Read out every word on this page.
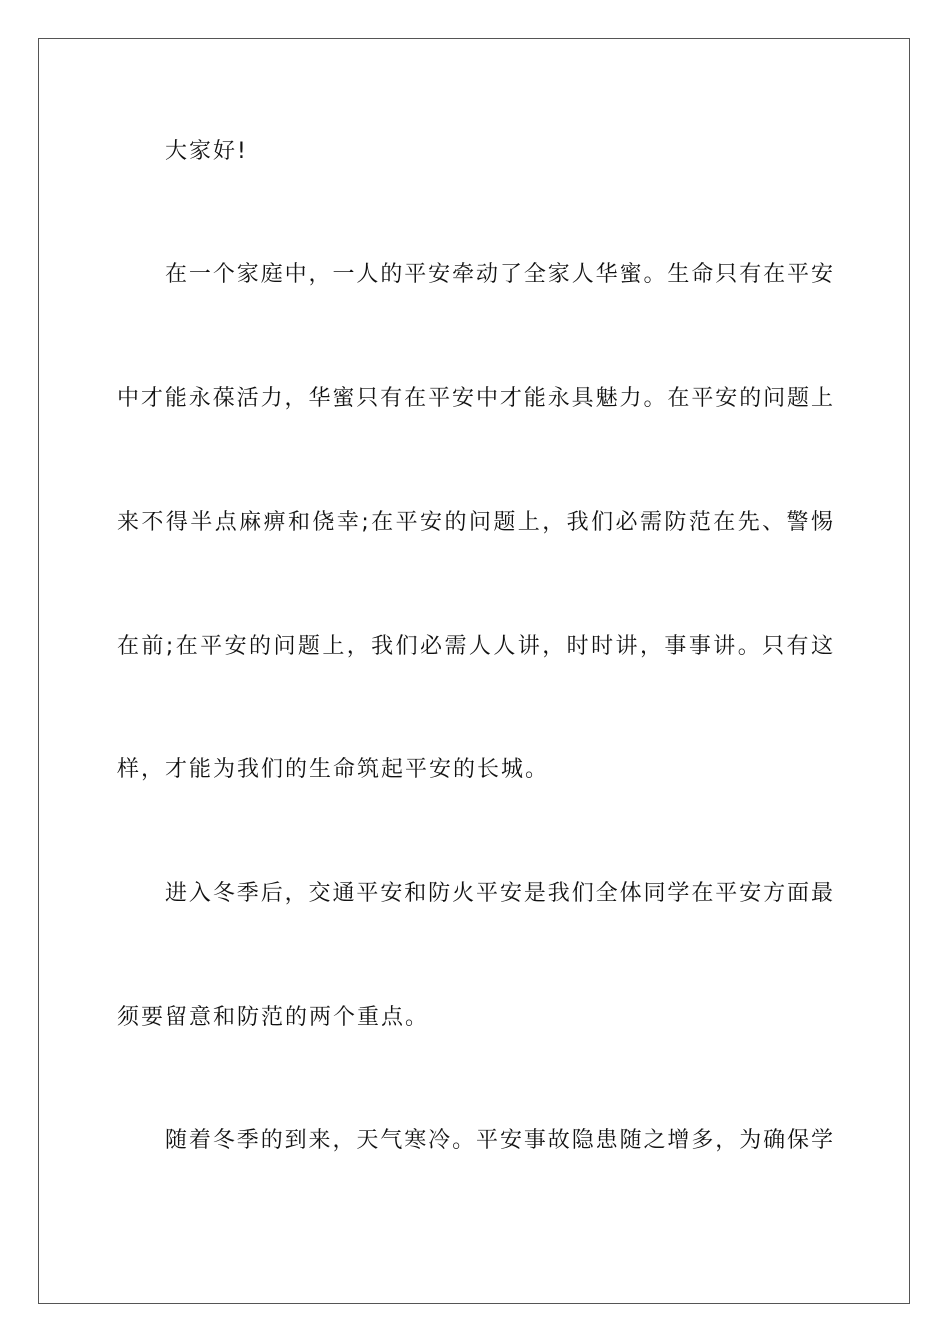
大家好!
在一个家庭中，一人的平安牵动了全家人华蜜。生命只有在平安
中才能永葆活力，华蜜只有在平安中才能永具魅力。在平安的问题上
来不得半点麻痹和侥幸;在平安的问题上，我们必需防范在先、警惕
在前;在平安的问题上，我们必需人人讲，时时讲，事事讲。只有这
样，才能为我们的生命筑起平安的长城。
进入冬季后，交通平安和防火平安是我们全体同学在平安方面最
须要留意和防范的两个重点。
随着冬季的到来，天气寒冷。平安事故隐患随之增多，为确保学
